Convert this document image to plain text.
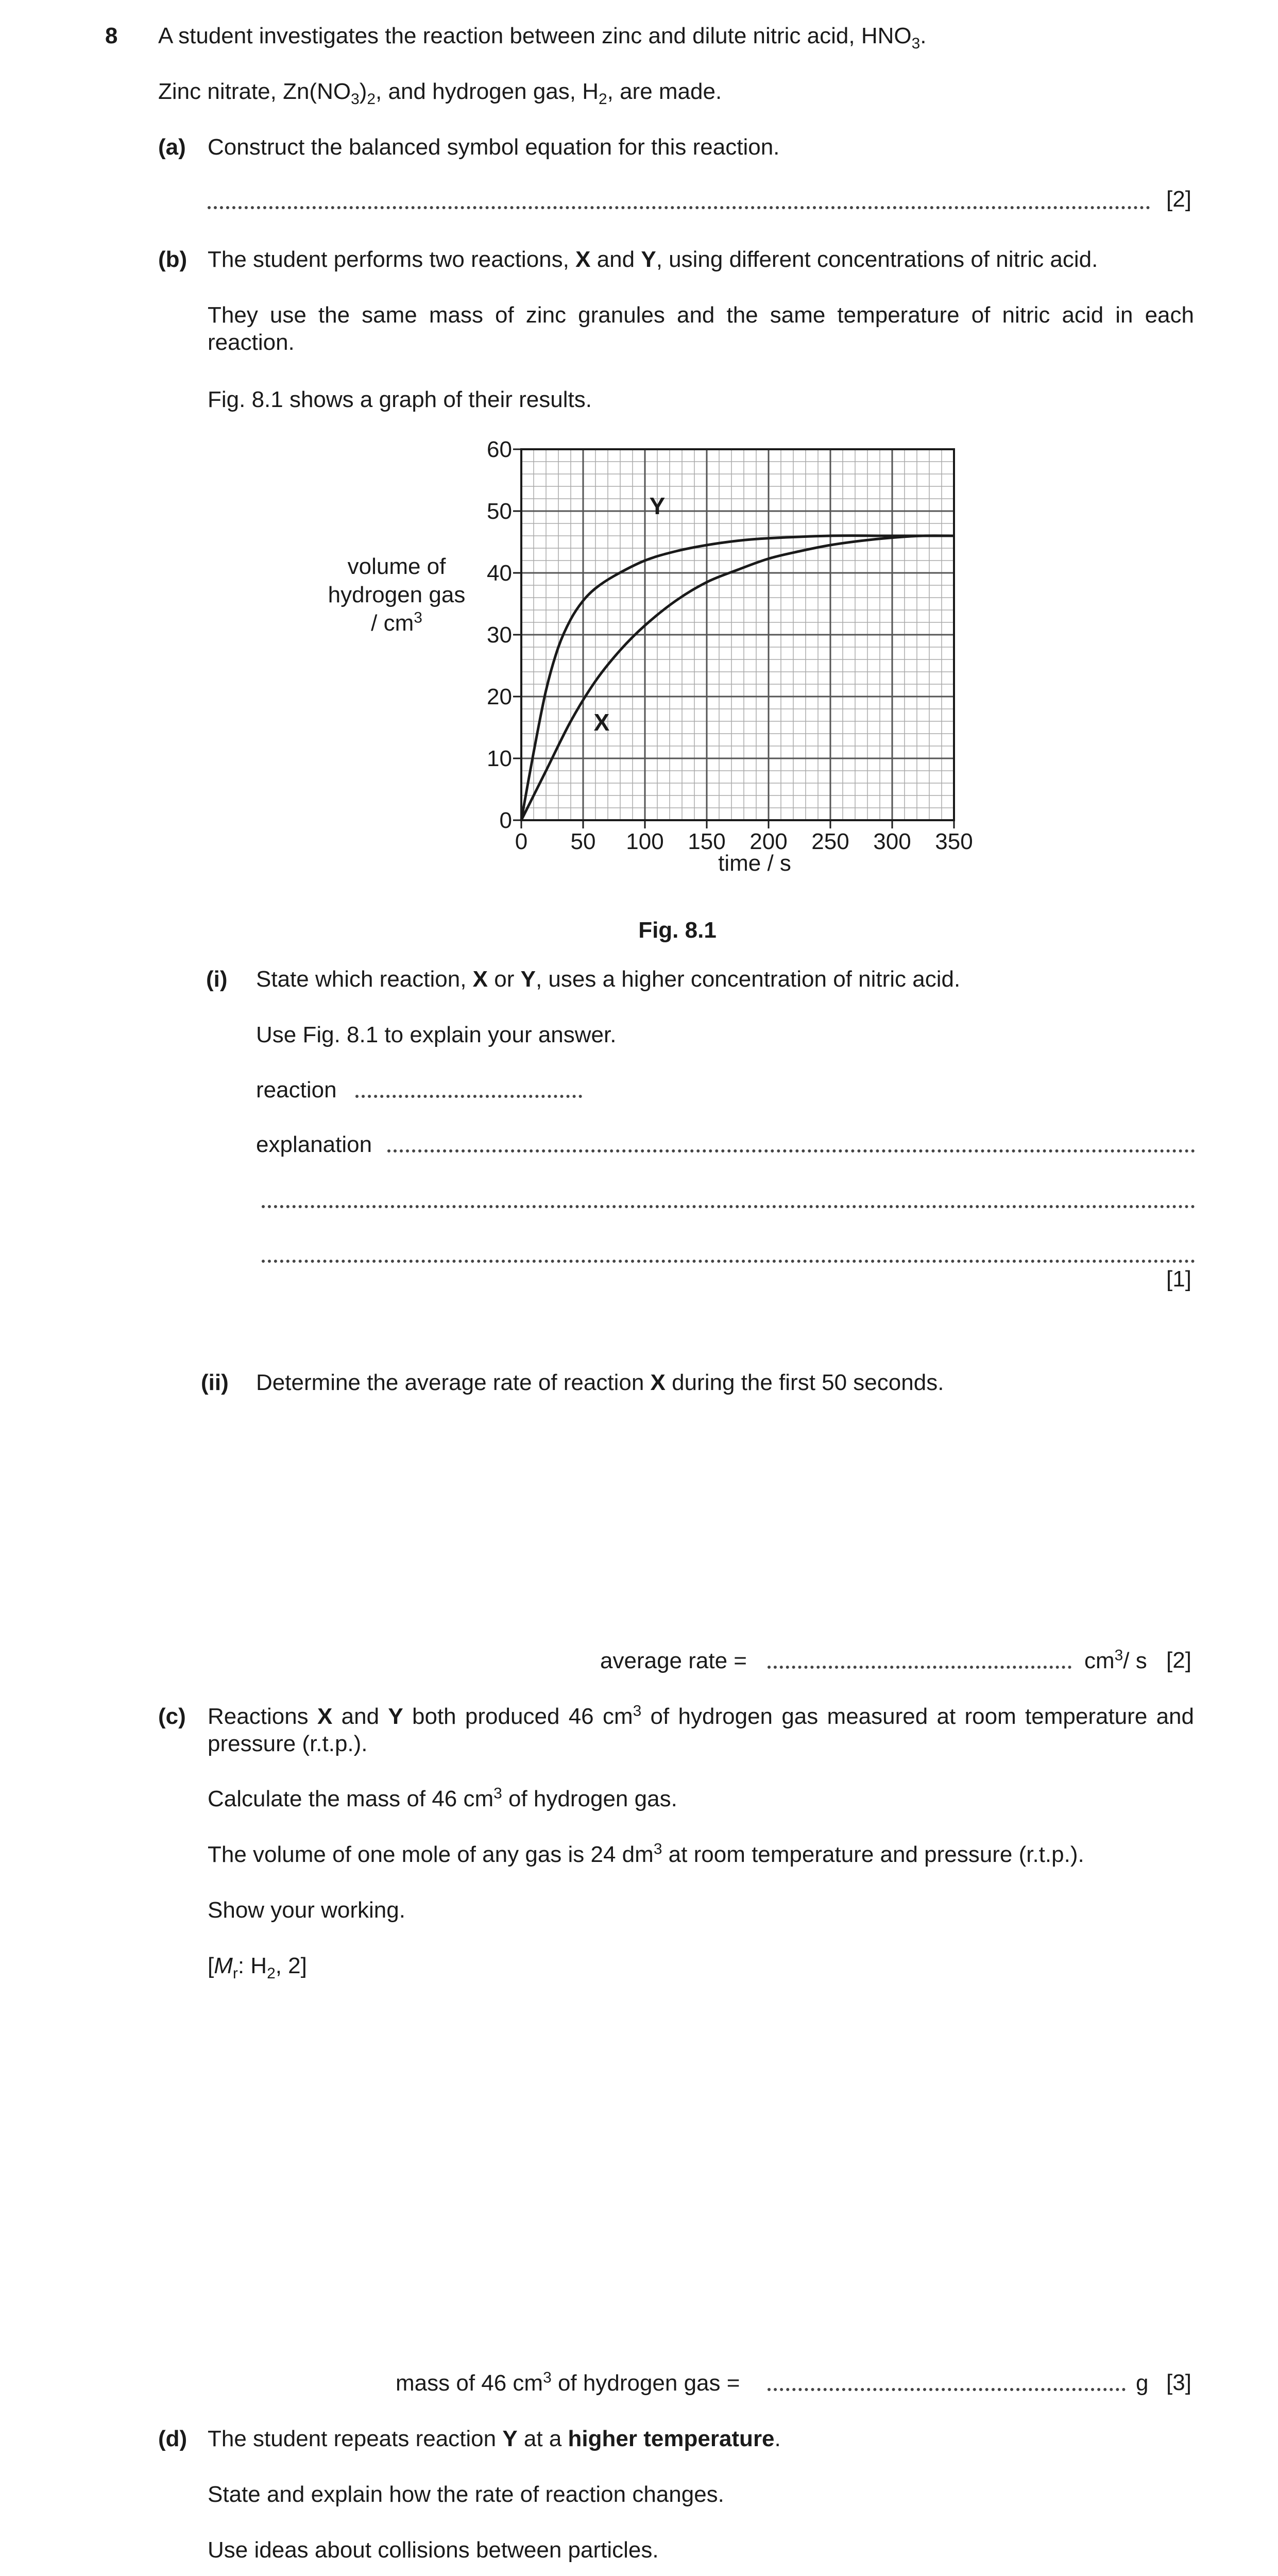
8 A student investigates the reaction between zinc and dilute nitric acid, $HNO_3$.

Zinc nitrate, $Zn(NO_3)_2$, and hydrogen gas, $H_2$, are made.

(a) Construct the balanced symbol equation for this reaction.

[2]
(b) The student performs two reactions, X and Y, using different concentrations of nitric acid.

They use the same mass of zinc granules and the same temperature of nitric acid in each reaction.

Fig. 8.1 shows a graph of their results.

0 50 100 150 200 250 300 350
0
10
20
30
40
50
60
Y
X
volume of
hydrogen gas
/ $cm^3$

time / s

Fig. 8.1

(i) State which reaction, X or Y, uses a higher concentration of nitric acid.

Use Fig. 8.1 to explain your answer.

reaction

explanation

[1]
(ii) Determine the average rate of reaction X during the first 50 seconds.

average rate =	$cm^3/$ s [2]
(c) Reactions X and Y both produced 46 $cm^3$ of hydrogen gas measured at room temperature and pressure (r.t.p.).

Calculate the mass of 46 $cm^3$ of hydrogen gas.

The volume of one mole of any gas is 24 $dm^3$ at room temperature and pressure (r.t.p.).

Show your working.

[$M_r$: $H_2$, 2]

mass of 46 $cm^3$ of hydrogen gas =	g [3]
(d) The student repeats reaction Y at a higher temperature.

State and explain how the rate of reaction changes.

Use ideas about collisions between particles.
